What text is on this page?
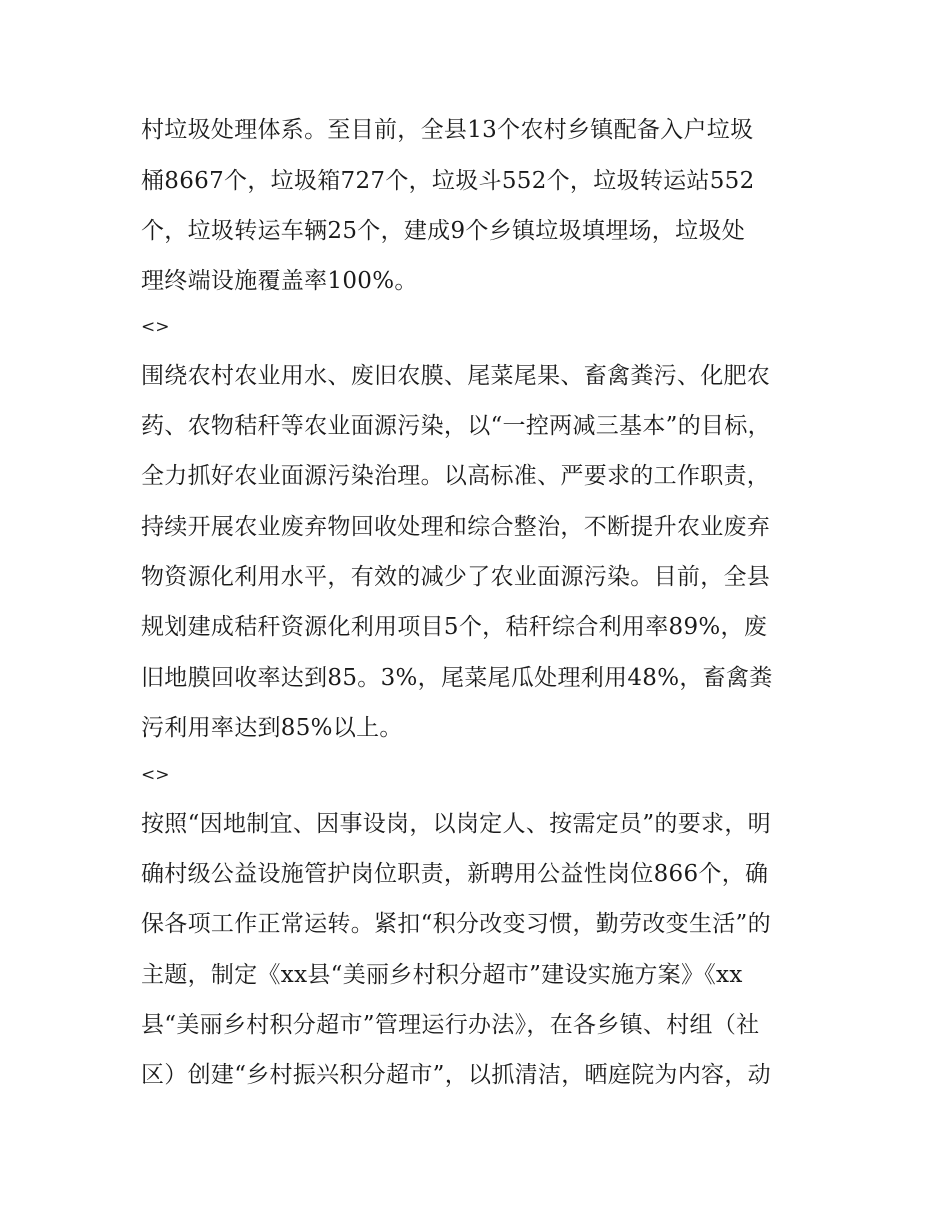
村垃圾处理体系。至目前，全县13个农村乡镇配备入户垃圾
桶8667个，垃圾箱727个，垃圾斗552个，垃圾转运站552
个，垃圾转运车辆25个，建成9个乡镇垃圾填埋场，垃圾处
理终端设施覆盖率100%。
<>
围绕农村农业用水、废旧农膜、尾菜尾果、畜禽粪污、化肥农
药、农物秸秆等农业面源污染，以“一控两减三基本”的目标，
全力抓好农业面源污染治理。以高标准、严要求的工作职责，
持续开展农业废弃物回收处理和综合整治，不断提升农业废弃
物资源化利用水平，有效的减少了农业面源污染。目前，全县
规划建成秸秆资源化利用项目5个，秸秆综合利用率89%，废
旧地膜回收率达到85。3%，尾菜尾瓜处理利用48%，畜禽粪
污利用率达到85%以上。
<>
按照“因地制宜、因事设岗，以岗定人、按需定员”的要求，明
确村级公益设施管护岗位职责，新聘用公益性岗位866个，确
保各项工作正常运转。紧扣“积分改变习惯，勤劳改变生活”的
主题，制定《xx县“美丽乡村积分超市”建设实施方案》《xx
县“美丽乡村积分超市”管理运行办法》，在各乡镇、村组（社
区）创建“乡村振兴积分超市”，以抓清洁，晒庭院为内容，动
